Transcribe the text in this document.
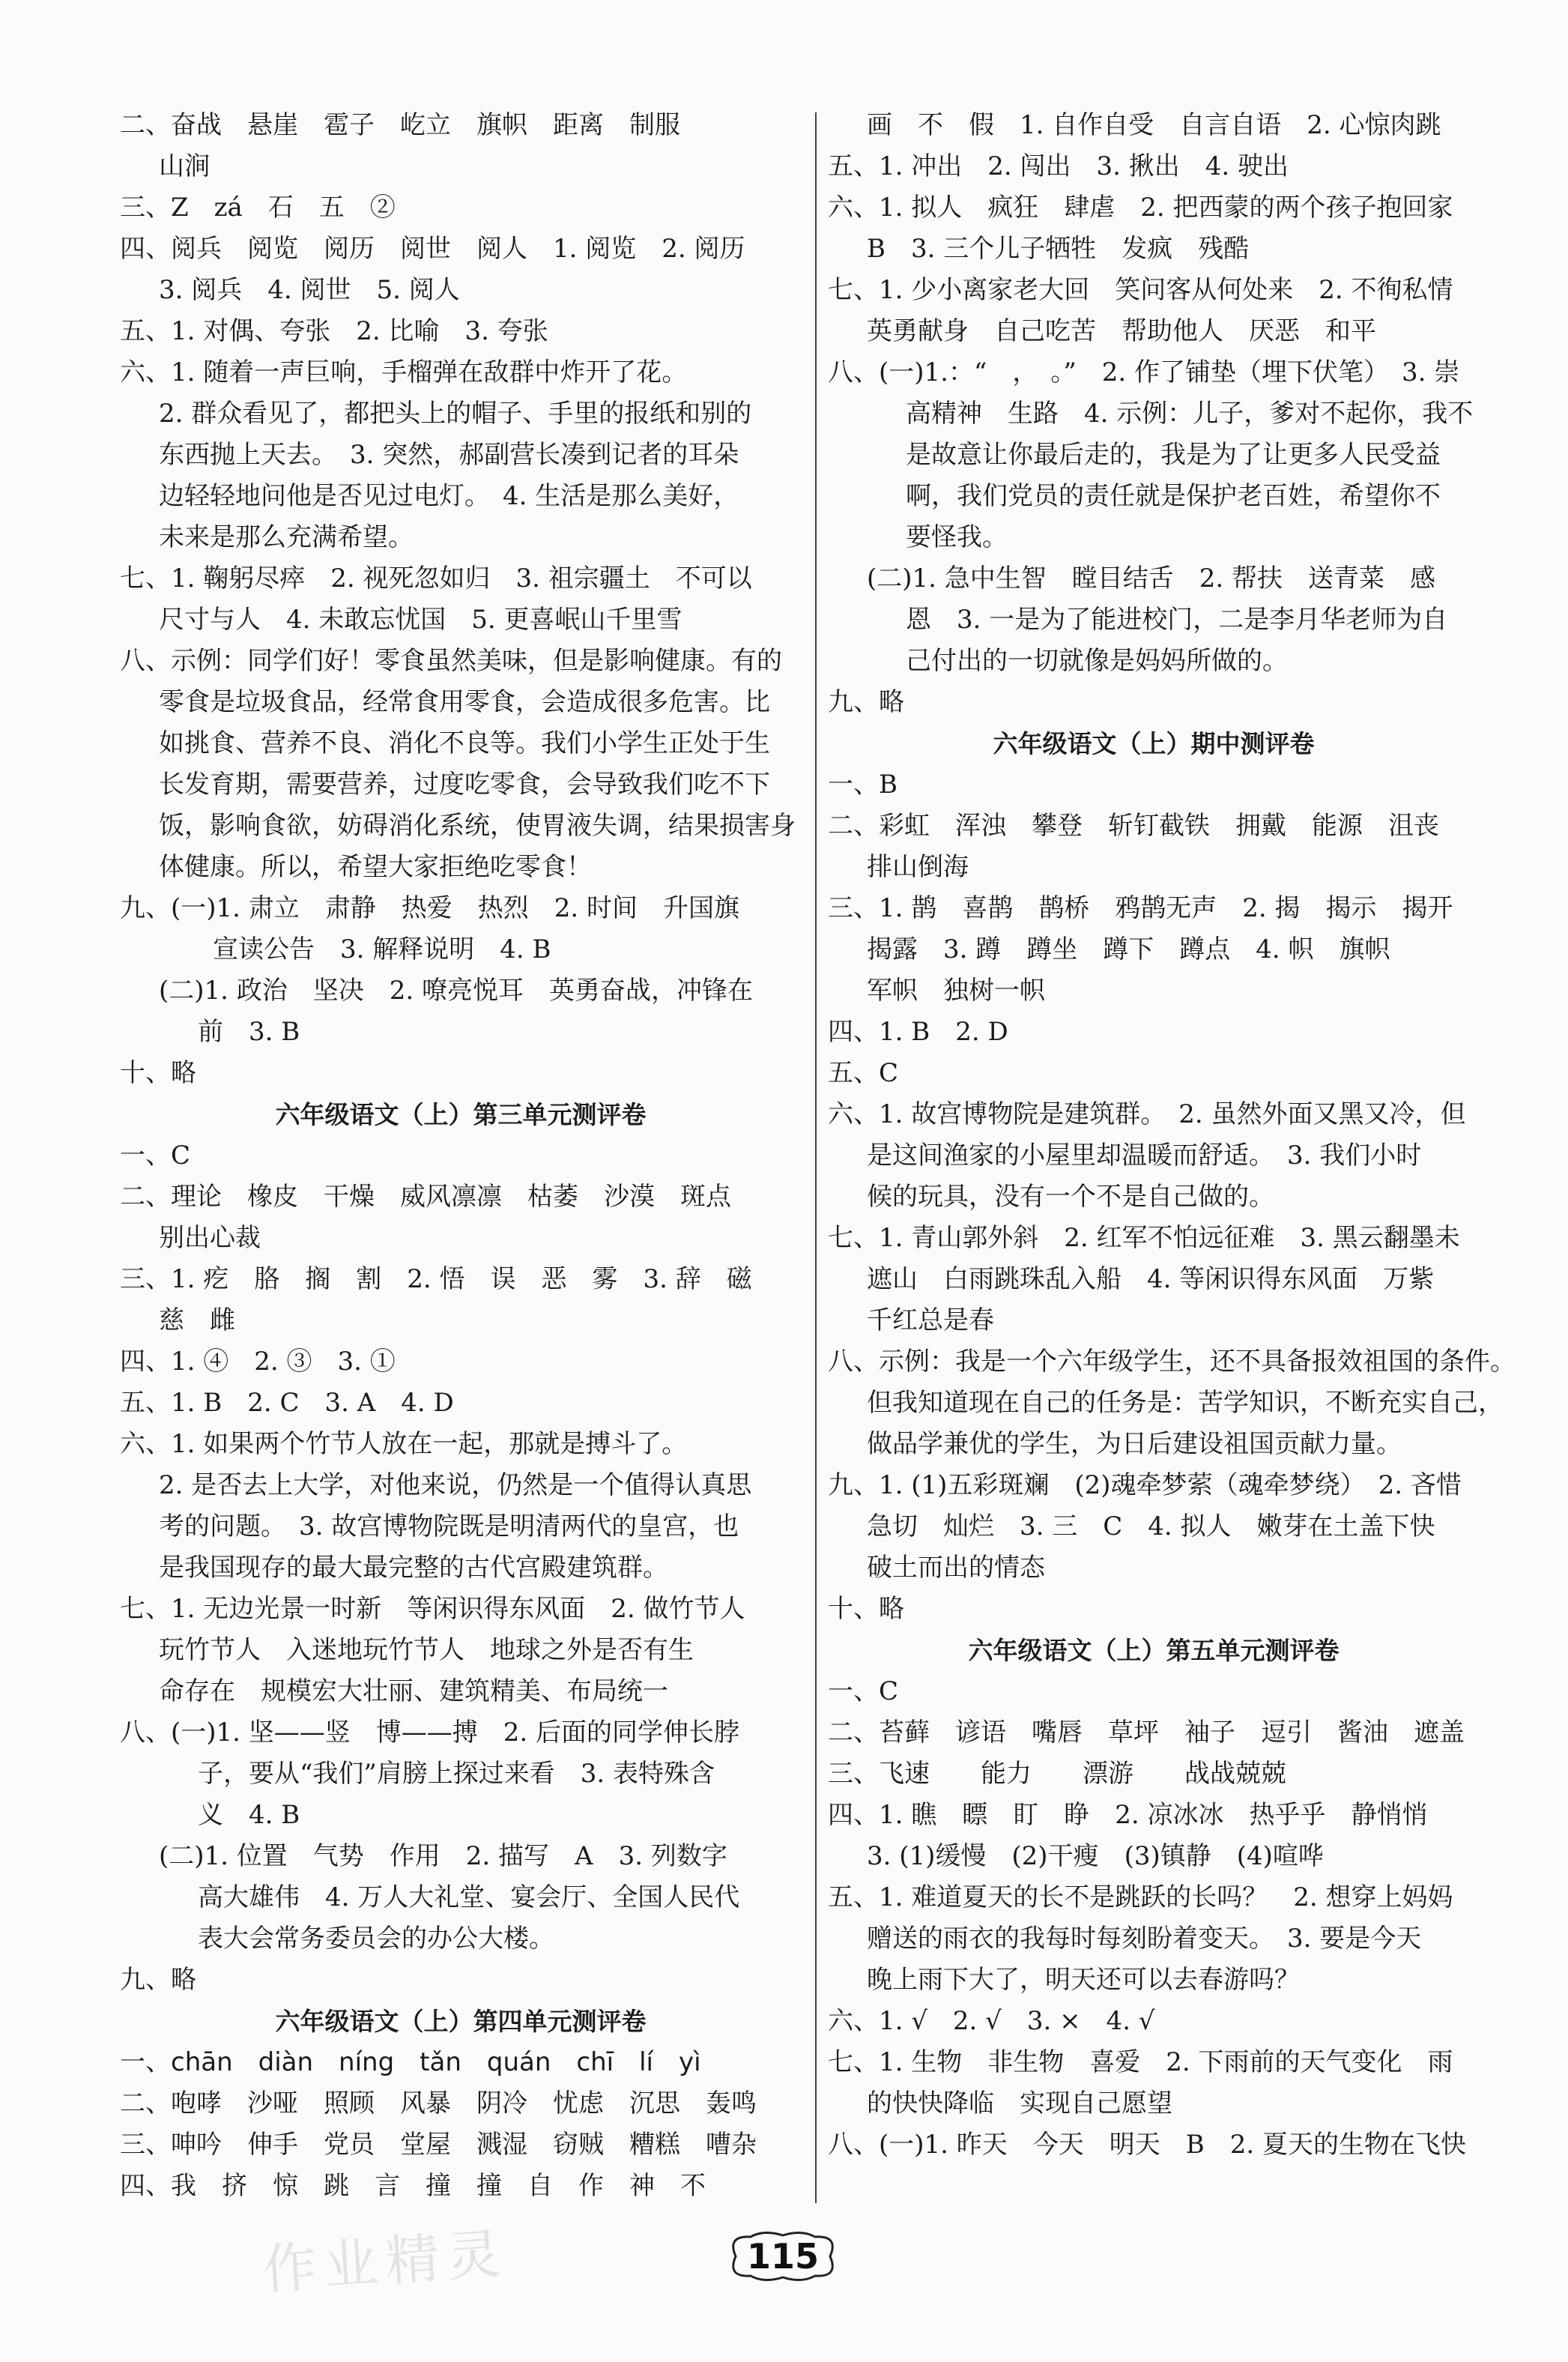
二、奋战　悬崖　雹子　屹立　旗帜　距离　制服
山涧
三、Z　zá　石　五　②
四、阅兵　阅览　阅历　阅世　阅人　1. 阅览　2. 阅历
3. 阅兵　4. 阅世　5. 阅人
五、1. 对偶、夸张　2. 比喻　3. 夸张
六、1. 随着一声巨响，手榴弹在敌群中炸开了花。
2. 群众看见了，都把头上的帽子、手里的报纸和别的
东西抛上天去。　3. 突然，郝副营长凑到记者的耳朵
边轻轻地问他是否见过电灯。　4. 生活是那么美好，
未来是那么充满希望。
七、1. 鞠躬尽瘁　2. 视死忽如归　3. 祖宗疆土　不可以
尺寸与人　4. 未敢忘忧国　5. 更喜岷山千里雪
八、示例：同学们好！零食虽然美味，但是影响健康。有的
零食是垃圾食品，经常食用零食，会造成很多危害。比
如挑食、营养不良、消化不良等。我们小学生正处于生
长发育期，需要营养，过度吃零食，会导致我们吃不下
饭，影响食欲，妨碍消化系统，使胃液失调，结果损害身
体健康。所以，希望大家拒绝吃零食！
九、(一)1. 肃立　肃静　热爱　热烈　2. 时间　升国旗
　宣读公告　3. 解释说明　4. B
(二)1. 政治　坚决　2. 嘹亮悦耳　英勇奋战，冲锋在
前　3. B
十、略
六年级语文（上）第三单元测评卷
一、C
二、理论　橡皮　干燥　威风凛凛　枯萎　沙漠　斑点
别出心裁
三、1. 疙　胳　搁　割　2. 悟　误　恶　雾　3. 辞　磁
慈　雌
四、1. ④　2. ③　3. ①
五、1. B　2. C　3. A　4. D
六、1. 如果两个竹节人放在一起，那就是搏斗了。
2. 是否去上大学，对他来说，仍然是一个值得认真思
考的问题。　3. 故宫博物院既是明清两代的皇宫，也
是我国现存的最大最完整的古代宫殿建筑群。
七、1. 无边光景一时新　等闲识得东风面　2. 做竹节人
玩竹节人　入迷地玩竹节人　地球之外是否有生
命存在　规模宏大壮丽、建筑精美、布局统一
八、(一)1. 坚——竖　博——搏　2. 后面的同学伸长脖
子，要从“我们”肩膀上探过来看　3. 表特殊含
义　4. B
(二)1. 位置　气势　作用　2. 描写　A　3. 列数字
高大雄伟　4. 万人大礼堂、宴会厅、全国人民代
表大会常务委员会的办公大楼。
九、略
六年级语文（上）第四单元测评卷
一、chān　diàn　níng　tǎn　quán　chī　lí　yì
二、咆哮　沙哑　照顾　风暴　阴冷　忧虑　沉思　轰鸣
三、呻吟　伸手　党员　堂屋　溅湿　窃贼　糟糕　嘈杂
四、我　挤　惊　跳　言　撞　撞　自　作　神　不
画　不　假　1. 自作自受　自言自语　2. 心惊肉跳
五、1. 冲出　2. 闯出　3. 揪出　4. 驶出
六、1. 拟人　疯狂　肆虐　2. 把西蒙的两个孩子抱回家
B　3. 三个儿子牺牲　发疯　残酷
七、1. 少小离家老大回　笑问客从何处来　2. 不徇私情
英勇献身　自己吃苦　帮助他人　厌恶　和平
八、(一)1.：“　，　。”　2. 作了铺垫（埋下伏笔）　3. 崇
高精神　生路　4. 示例：儿子，爹对不起你，我不
是故意让你最后走的，我是为了让更多人民受益
啊，我们党员的责任就是保护老百姓，希望你不
要怪我。
(二)1. 急中生智　瞠目结舌　2. 帮扶　送青菜　感
恩　3. 一是为了能进校门，二是李月华老师为自
己付出的一切就像是妈妈所做的。
九、略
六年级语文（上）期中测评卷
一、B
二、彩虹　浑浊　攀登　斩钉截铁　拥戴　能源　沮丧
排山倒海
三、1. 鹊　喜鹊　鹊桥　鸦鹊无声　2. 揭　揭示　揭开
揭露　3. 蹲　蹲坐　蹲下　蹲点　4. 帜　旗帜
军帜　独树一帜
四、1. B　2. D
五、C
六、1. 故宫博物院是建筑群。　2. 虽然外面又黑又冷，但
是这间渔家的小屋里却温暖而舒适。　3. 我们小时
候的玩具，没有一个不是自己做的。
七、1. 青山郭外斜　2. 红军不怕远征难　3. 黑云翻墨未
遮山　白雨跳珠乱入船　4. 等闲识得东风面　万紫
千红总是春
八、示例：我是一个六年级学生，还不具备报效祖国的条件。
但我知道现在自己的任务是：苦学知识，不断充实自己，
做品学兼优的学生，为日后建设祖国贡献力量。
九、1. (1)五彩斑斓　(2)魂牵梦萦（魂牵梦绕）　2. 吝惜
急切　灿烂　3. 三　C　4. 拟人　嫩芽在土盖下快
破土而出的情态
十、略
六年级语文（上）第五单元测评卷
一、C
二、苔藓　谚语　嘴唇　草坪　袖子　逗引　酱油　遮盖
三、飞速　　能力　　漂游　　战战兢兢
四、1. 瞧　瞟　盯　睁　2. 凉冰冰　热乎乎　静悄悄
3. (1)缓慢　(2)干瘦　(3)镇静　(4)喧哗
五、1. 难道夏天的长不是跳跃的长吗？　2. 想穿上妈妈
赠送的雨衣的我每时每刻盼着变天。　3. 要是今天
晚上雨下大了，明天还可以去春游吗？
六、1. √　2. √　3. ×　4. √
七、1. 生物　非生物　喜爱　2. 下雨前的天气变化　雨
的快快降临　实现自己愿望
八、(一)1. 昨天　今天　明天　B　2. 夏天的生物在飞快
作业精灵	115
